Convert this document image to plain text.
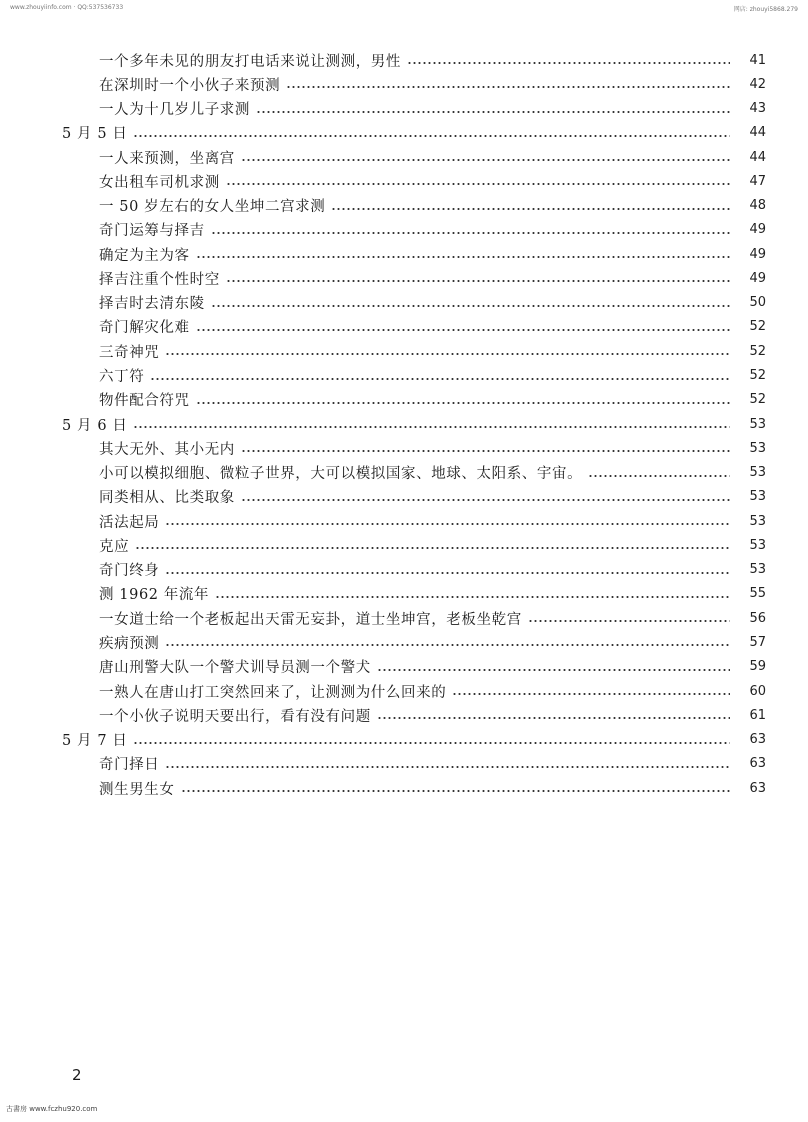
www.zhouyiinfo.com · QQ:537536733	网店: zhouyi5868.279
一个多年未见的朋友打电话来说让测测，男性	41
在深圳时一个小伙子来预测	42
一人为十几岁儿子求测	43
5 月 5 日	44
一人来预测，坐离宫	44
女出租车司机求测	47
一 50 岁左右的女人坐坤二宫求测	48
奇门运筹与择吉	49
确定为主为客	49
择吉注重个性时空	49
择吉时去清东陵	50
奇门解灾化难	52
三奇神咒	52
六丁符	52
物件配合符咒	52
5 月 6 日	53
其大无外、其小无内	53
小可以模拟细胞、微粒子世界，大可以模拟国家、地球、太阳系、宇宙。	53
同类相从、比类取象	53
活法起局	53
克应	53
奇门终身	53
测 1962 年流年	55
一女道士给一个老板起出天雷无妄卦，道士坐坤宫，老板坐乾宫	56
疾病预测	57
唐山刑警大队一个警犬训导员测一个警犬	59
一熟人在唐山打工突然回来了，让测测为什么回来的	60
一个小伙子说明天要出行，看有没有问题	61
5 月 7 日	63
奇门择日	63
测生男生女	63
2
古書房 www.fczhu920.com
